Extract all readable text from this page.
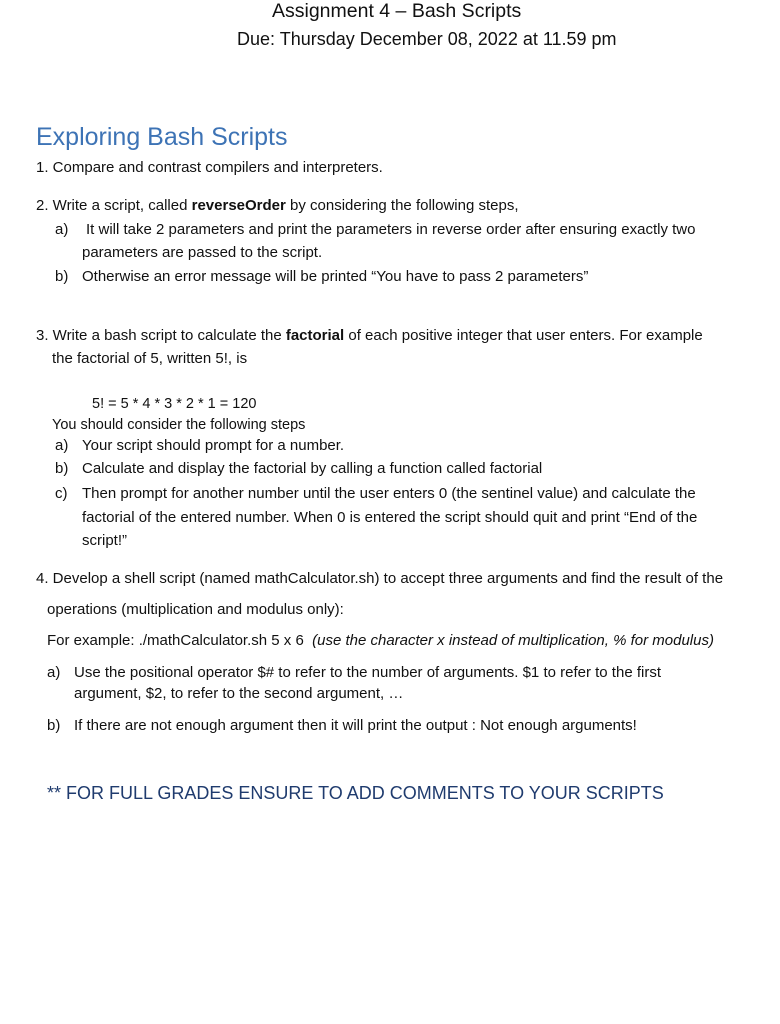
Assignment 4 – Bash Scripts
Due: Thursday December 08, 2022 at 11.59 pm
Exploring Bash Scripts
1. Compare and contrast compilers and interpreters.
2. Write a script, called reverseOrder by considering the following steps,
a) It will take 2 parameters and print the parameters in reverse order after ensuring exactly two
parameters are passed to the script.
b) Otherwise an error message will be printed “You have to pass 2 parameters”
3. Write a bash script to calculate the factorial of each positive integer that user enters. For example
the factorial of 5, written 5!, is
5! = 5 * 4 * 3 * 2 * 1 = 120
You should consider the following steps
a) Your script should prompt for a number.
b) Calculate and display the factorial by calling a function called factorial
c) Then prompt for another number until the user enters 0 (the sentinel value) and calculate the
factorial of the entered number. When 0 is entered the script should quit and print “End of the
script!”
4. Develop a shell script (named mathCalculator.sh) to accept three arguments and find the result of the
operations (multiplication and modulus only):
For example: ./mathCalculator.sh 5 x 6 (use the character x instead of multiplication, % for modulus)
a) Use the positional operator $# to refer to the number of arguments. $1 to refer to the first
argument, $2, to refer to the second argument, …
b) If there are not enough argument then it will print the output : Not enough arguments!
** FOR FULL GRADES ENSURE TO ADD COMMENTS TO YOUR SCRIPTS
